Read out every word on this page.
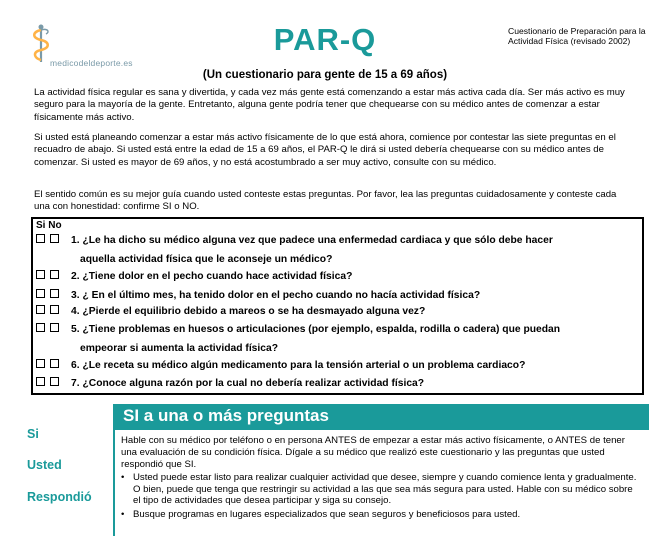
medicodeldeporte.es
PAR-Q	Cuestionario de Preparación para la Actividad Física (revisado 2002)
(Un cuestionario para gente de 15 a 69 años)
La actividad física regular es sana y divertida, y cada vez más gente está comenzando a estar más activa cada día. Ser más activo es muy seguro para la mayoría de la gente. Entretanto, alguna gente podría tener que chequearse con su médico antes de comenzar a estar físicamente más activo.
Si usted está planeando comenzar a estar más activo físicamente de lo que está ahora, comience por contestar las siete preguntas en el recuadro de abajo. Si usted está entre la edad de 15 a 69 años, el PAR-Q le dirá si usted debería chequearse con su médico antes de comenzar. Si usted es mayor de 69 años, y no está acostumbrado a ser muy activo, consulte con su médico.
El sentido común es su mejor guía cuando usted conteste estas preguntas. Por favor, lea las preguntas cuidadosamente y conteste cada una con honestidad: confirme SI o NO.
Si No
1. ¿Le ha dicho su médico alguna vez que padece una enfermedad cardiaca y que sólo debe hacer
aquella actividad física que le aconseje un médico?
2. ¿Tiene dolor en el pecho cuando hace actividad física?
3. ¿ En el último mes, ha tenido dolor en el pecho cuando no hacía actividad física?
4. ¿Pierde el equilibrio debido a mareos o se ha desmayado alguna vez?
5. ¿Tiene problemas en huesos o articulaciones (por ejemplo, espalda, rodilla o cadera) que puedan
empeorar si aumenta la actividad física?
6. ¿Le receta su médico algún medicamento para la tensión arterial o un problema cardiaco?
7. ¿Conoce alguna razón por la cual no debería realizar actividad física?
SI a una o más preguntas
Si
Usted
Respondió
Hable con su médico por teléfono o en persona ANTES de empezar a estar más activo físicamente, o ANTES de tener una evaluación de su condición física. Dígale a su médico que realizó este cuestionario y las preguntas que usted respondió que SI.
• Usted puede estar listo para realizar cualquier actividad que desee, siempre y cuando comience lenta y gradualmente. O bien, puede que tenga que restringir su actividad a las que sea más segura para usted. Hable con su médico sobre el tipo de actividades que desea participar y siga su consejo.
• Busque programas en lugares especializados que sean seguros y beneficiosos para usted.
